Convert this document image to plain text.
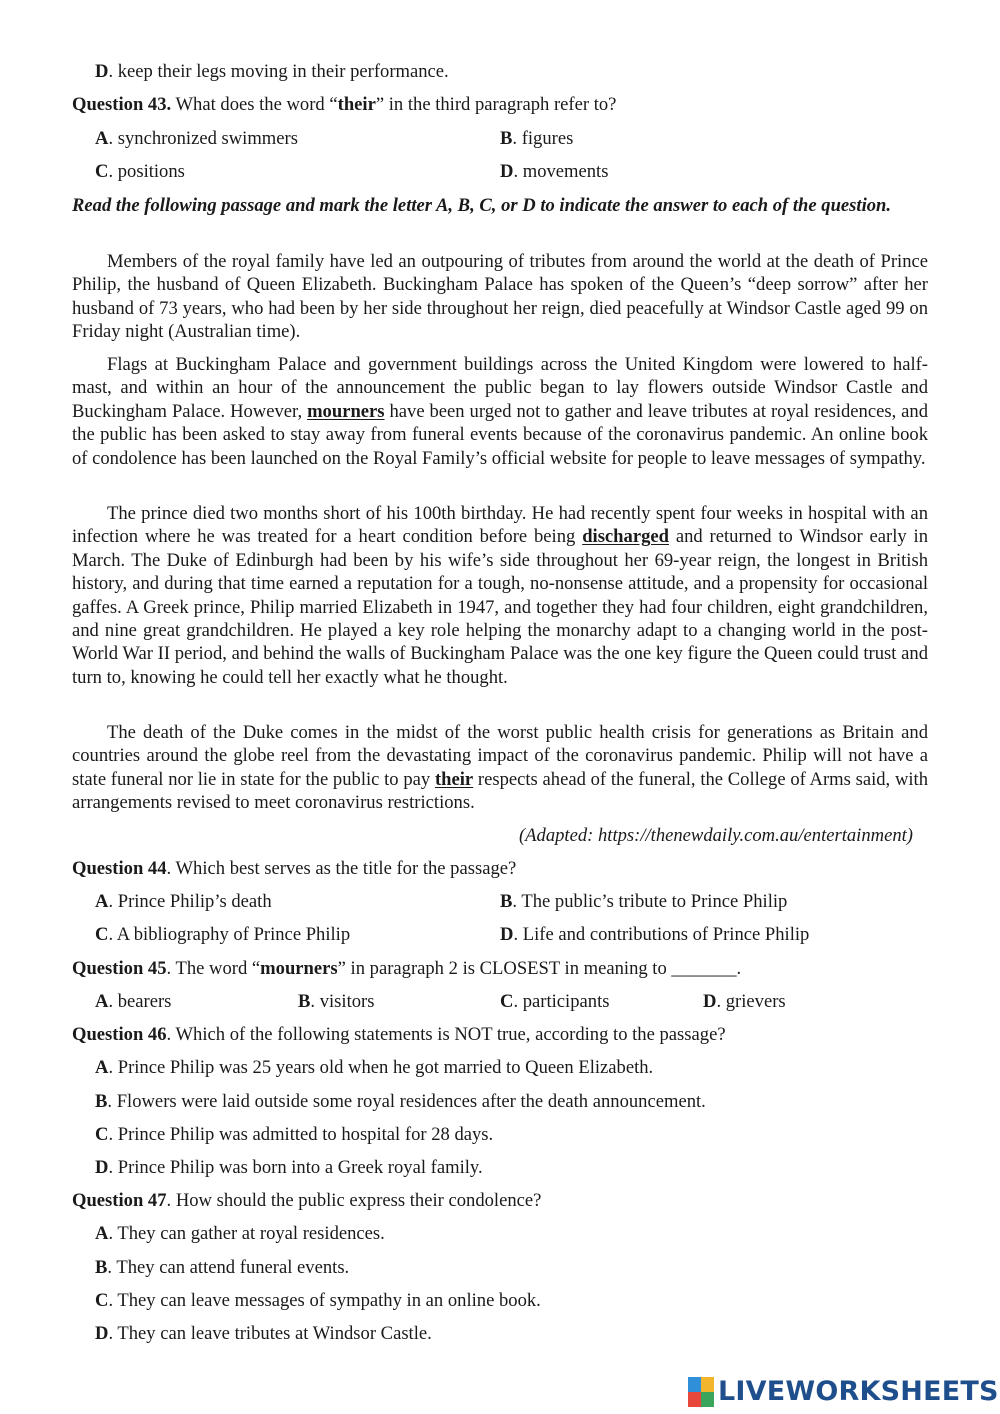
D. keep their legs moving in their performance.
Question 43. What does the word “their” in the third paragraph refer to?
A. synchronized swimmers	B. figures
C. positions	D. movements
Read the following passage and mark the letter A, B, C, or D to indicate the answer to each of the question.
Members of the royal family have led an outpouring of tributes from around the world at the death of Prince Philip, the husband of Queen Elizabeth. Buckingham Palace has spoken of the Queen’s “deep sorrow” after her husband of 73 years, who had been by her side throughout her reign, died peacefully at Windsor Castle aged 99 on Friday night (Australian time).
Flags at Buckingham Palace and government buildings across the United Kingdom were lowered to half-mast, and within an hour of the announcement the public began to lay flowers outside Windsor Castle and Buckingham Palace. However, mourners have been urged not to gather and leave tributes at royal residences, and the public has been asked to stay away from funeral events because of the coronavirus pandemic. An online book of condolence has been launched on the Royal Family’s official website for people to leave messages of sympathy.
The prince died two months short of his 100th birthday. He had recently spent four weeks in hospital with an infection where he was treated for a heart condition before being discharged and returned to Windsor early in March. The Duke of Edinburgh had been by his wife’s side throughout her 69-year reign, the longest in British history, and during that time earned a reputation for a tough, no-nonsense attitude, and a propensity for occasional gaffes. A Greek prince, Philip married Elizabeth in 1947, and together they had four children, eight grandchildren, and nine great grandchildren. He played a key role helping the monarchy adapt to a changing world in the post-World War II period, and behind the walls of Buckingham Palace was the one key figure the Queen could trust and turn to, knowing he could tell her exactly what he thought.
The death of the Duke comes in the midst of the worst public health crisis for generations as Britain and countries around the globe reel from the devastating impact of the coronavirus pandemic. Philip will not have a state funeral nor lie in state for the public to pay their respects ahead of the funeral, the College of Arms said, with arrangements revised to meet coronavirus restrictions.
(Adapted: https://thenewdaily.com.au/entertainment)
Question 44. Which best serves as the title for the passage?
A. Prince Philip’s death	B. The public’s tribute to Prince Philip
C. A bibliography of Prince Philip	D. Life and contributions of Prince Philip
Question 45. The word “mourners” in paragraph 2 is CLOSEST in meaning to _______.
A. bearers	B. visitors	C. participants	D. grievers
Question 46. Which of the following statements is NOT true, according to the passage?
A. Prince Philip was 25 years old when he got married to Queen Elizabeth.
B. Flowers were laid outside some royal residences after the death announcement.
C. Prince Philip was admitted to hospital for 28 days.
D. Prince Philip was born into a Greek royal family.
Question 47. How should the public express their condolence?
A. They can gather at royal residences.
B. They can attend funeral events.
C. They can leave messages of sympathy in an online book.
D. They can leave tributes at Windsor Castle.
LIVEWORKSHEETS
